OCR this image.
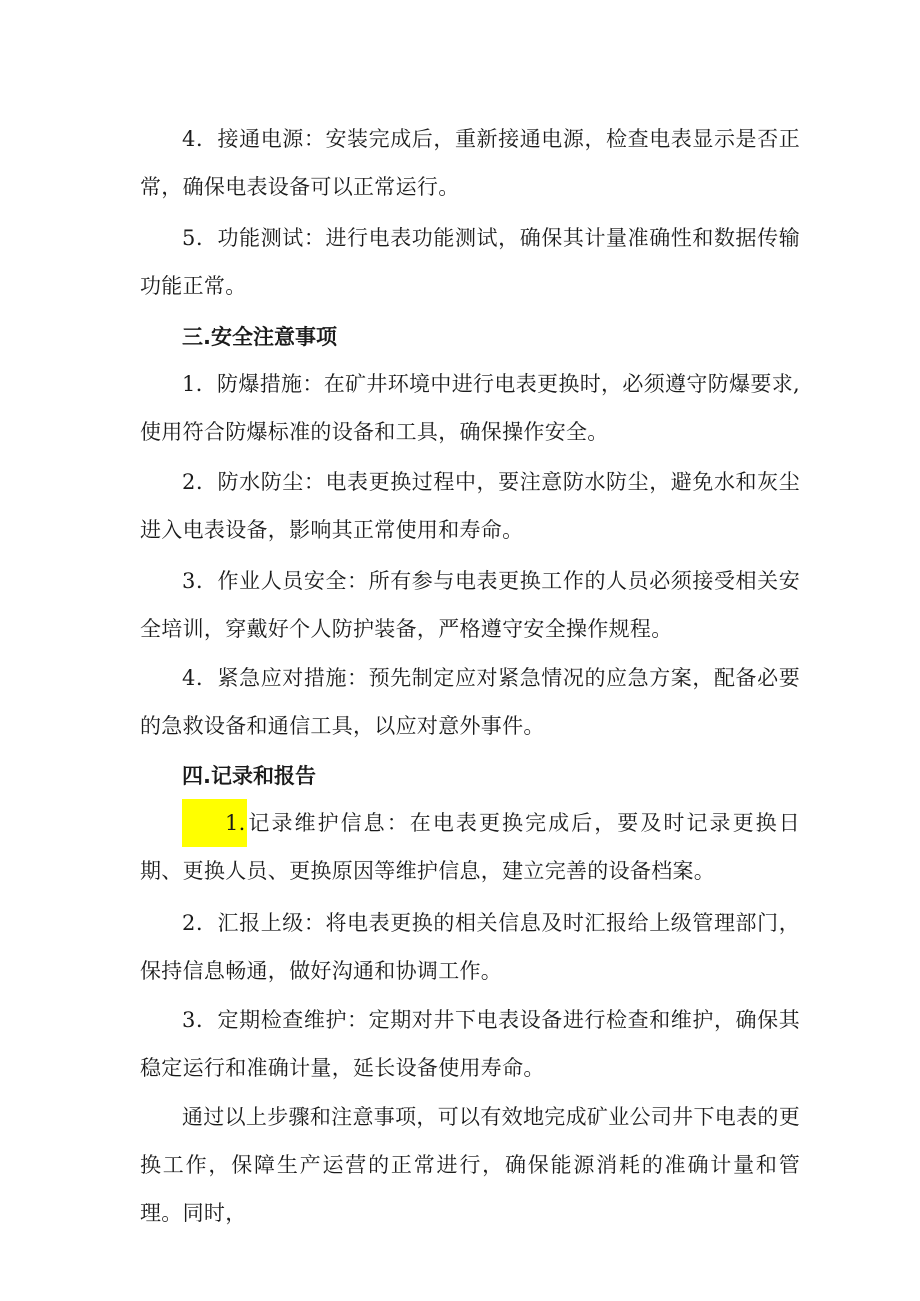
4．接通电源：安装完成后，重新接通电源，检查电表显示是否正常，确保电表设备可以正常运行。

5．功能测试：进行电表功能测试，确保其计量准确性和数据传输功能正常。

三.安全注意事项

1．防爆措施：在矿井环境中进行电表更换时，必须遵守防爆要求,使用符合防爆标准的设备和工具，确保操作安全。

2．防水防尘：电表更换过程中，要注意防水防尘，避免水和灰尘进入电表设备，影响其正常使用和寿命。

3．作业人员安全：所有参与电表更换工作的人员必须接受相关安全培训，穿戴好个人防护装备，严格遵守安全操作规程。

4．紧急应对措施：预先制定应对紧急情况的应急方案，配备必要的急救设备和通信工具，以应对意外事件。

四.记录和报告

1.记录维护信息：在电表更换完成后，要及时记录更换日期、更换人员、更换原因等维护信息，建立完善的设备档案。

2．汇报上级：将电表更换的相关信息及时汇报给上级管理部门，保持信息畅通，做好沟通和协调工作。

3．定期检查维护：定期对井下电表设备进行检查和维护，确保其稳定运行和准确计量，延长设备使用寿命。

通过以上步骤和注意事项，可以有效地完成矿业公司井下电表的更换工作，保障生产运营的正常进行，确保能源消耗的准确计量和管理。同时，
